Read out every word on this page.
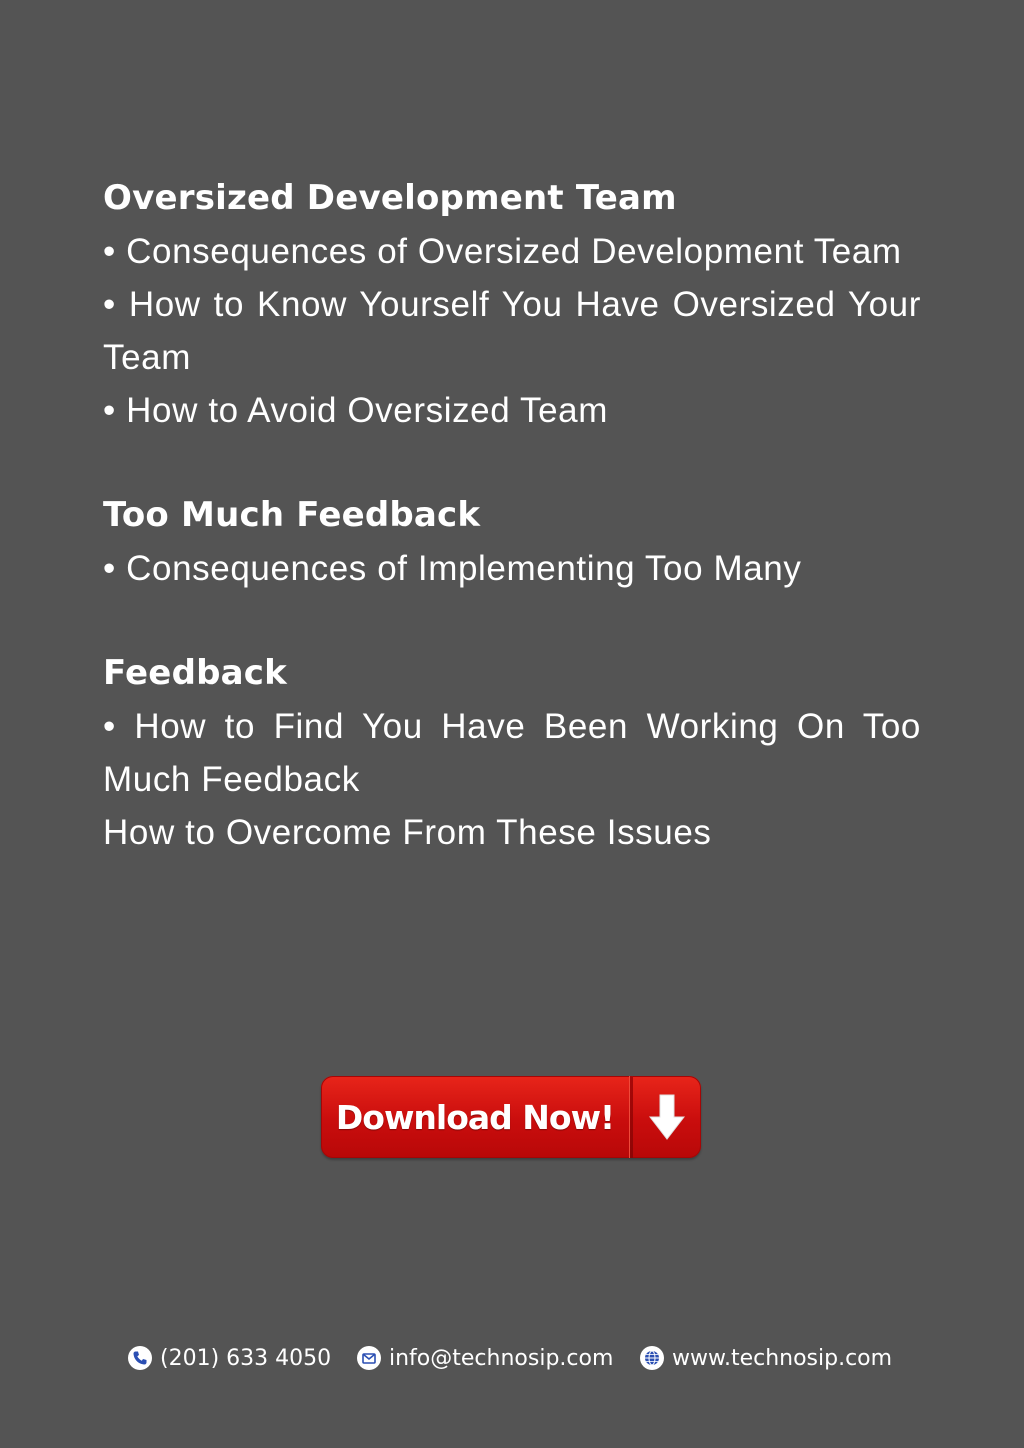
Oversized Development Team

• Consequences of Oversized Development Team

• How to Know Yourself You Have Oversized Your Team

• How to Avoid Oversized Team

Too Much Feedback

• Consequences of Implementing Too Many

Feedback

• How to Find You Have Been Working On Too Much Feedback

How to Overcome From These Issues

Download Now!
(201) 633 4050	info@technosip.com	www.technosip.com
